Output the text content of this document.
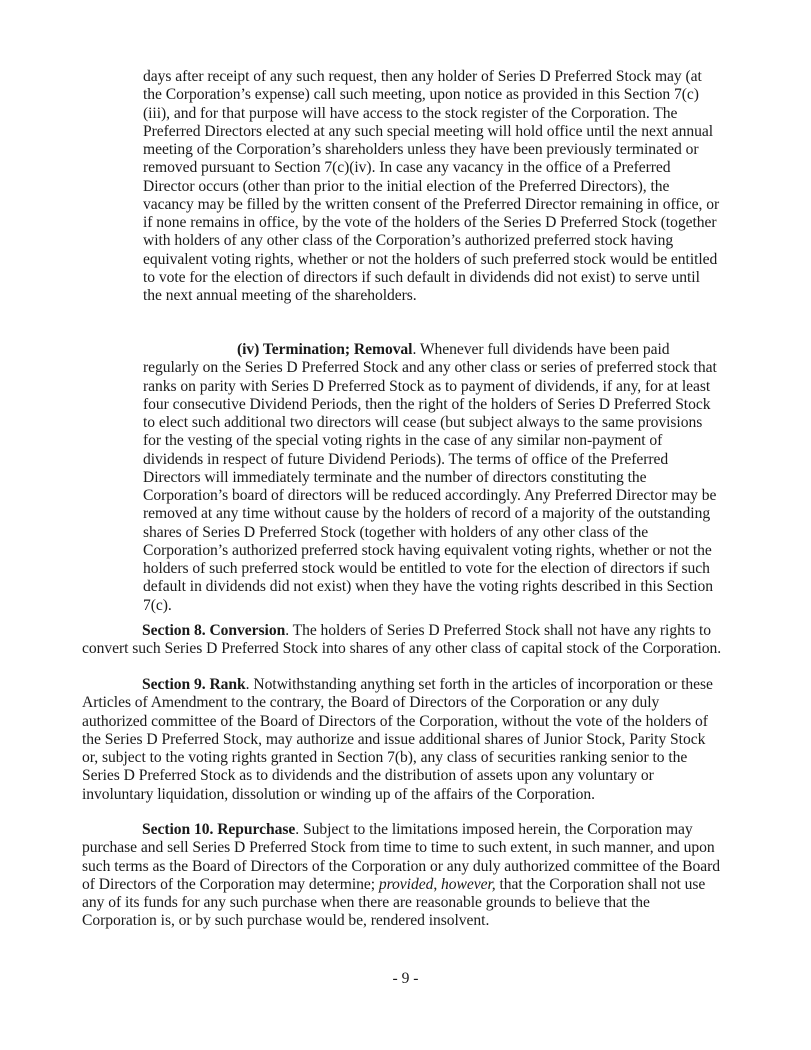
days after receipt of any such request, then any holder of Series D Preferred Stock may (at the Corporation’s expense) call such meeting, upon notice as provided in this Section 7(c)(iii), and for that purpose will have access to the stock register of the Corporation. The Preferred Directors elected at any such special meeting will hold office until the next annual meeting of the Corporation’s shareholders unless they have been previously terminated or removed pursuant to Section 7(c)(iv). In case any vacancy in the office of a Preferred Director occurs (other than prior to the initial election of the Preferred Directors), the vacancy may be filled by the written consent of the Preferred Director remaining in office, or if none remains in office, by the vote of the holders of the Series D Preferred Stock (together with holders of any other class of the Corporation’s authorized preferred stock having equivalent voting rights, whether or not the holders of such preferred stock would be entitled to vote for the election of directors if such default in dividends did not exist) to serve until the next annual meeting of the shareholders.

(iv) Termination; Removal. Whenever full dividends have been paid regularly on the Series D Preferred Stock and any other class or series of preferred stock that ranks on parity with Series D Preferred Stock as to payment of dividends, if any, for at least four consecutive Dividend Periods, then the right of the holders of Series D Preferred Stock to elect such additional two directors will cease (but subject always to the same provisions for the vesting of the special voting rights in the case of any similar non-payment of dividends in respect of future Dividend Periods). The terms of office of the Preferred Directors will immediately terminate and the number of directors constituting the Corporation’s board of directors will be reduced accordingly. Any Preferred Director may be removed at any time without cause by the holders of record of a majority of the outstanding shares of Series D Preferred Stock (together with holders of any other class of the Corporation’s authorized preferred stock having equivalent voting rights, whether or not the holders of such preferred stock would be entitled to vote for the election of directors if such default in dividends did not exist) when they have the voting rights described in this Section 7(c).

Section 8. Conversion. The holders of Series D Preferred Stock shall not have any rights to convert such Series D Preferred Stock into shares of any other class of capital stock of the Corporation.

Section 9. Rank. Notwithstanding anything set forth in the articles of incorporation or these Articles of Amendment to the contrary, the Board of Directors of the Corporation or any duly authorized committee of the Board of Directors of the Corporation, without the vote of the holders of the Series D Preferred Stock, may authorize and issue additional shares of Junior Stock, Parity Stock or, subject to the voting rights granted in Section 7(b), any class of securities ranking senior to the Series D Preferred Stock as to dividends and the distribution of assets upon any voluntary or involuntary liquidation, dissolution or winding up of the affairs of the Corporation.

Section 10. Repurchase. Subject to the limitations imposed herein, the Corporation may purchase and sell Series D Preferred Stock from time to time to such extent, in such manner, and upon such terms as the Board of Directors of the Corporation or any duly authorized committee of the Board of Directors of the Corporation may determine; provided, however, that the Corporation shall not use any of its funds for any such purchase when there are reasonable grounds to believe that the Corporation is, or by such purchase would be, rendered insolvent.

- 9 -
